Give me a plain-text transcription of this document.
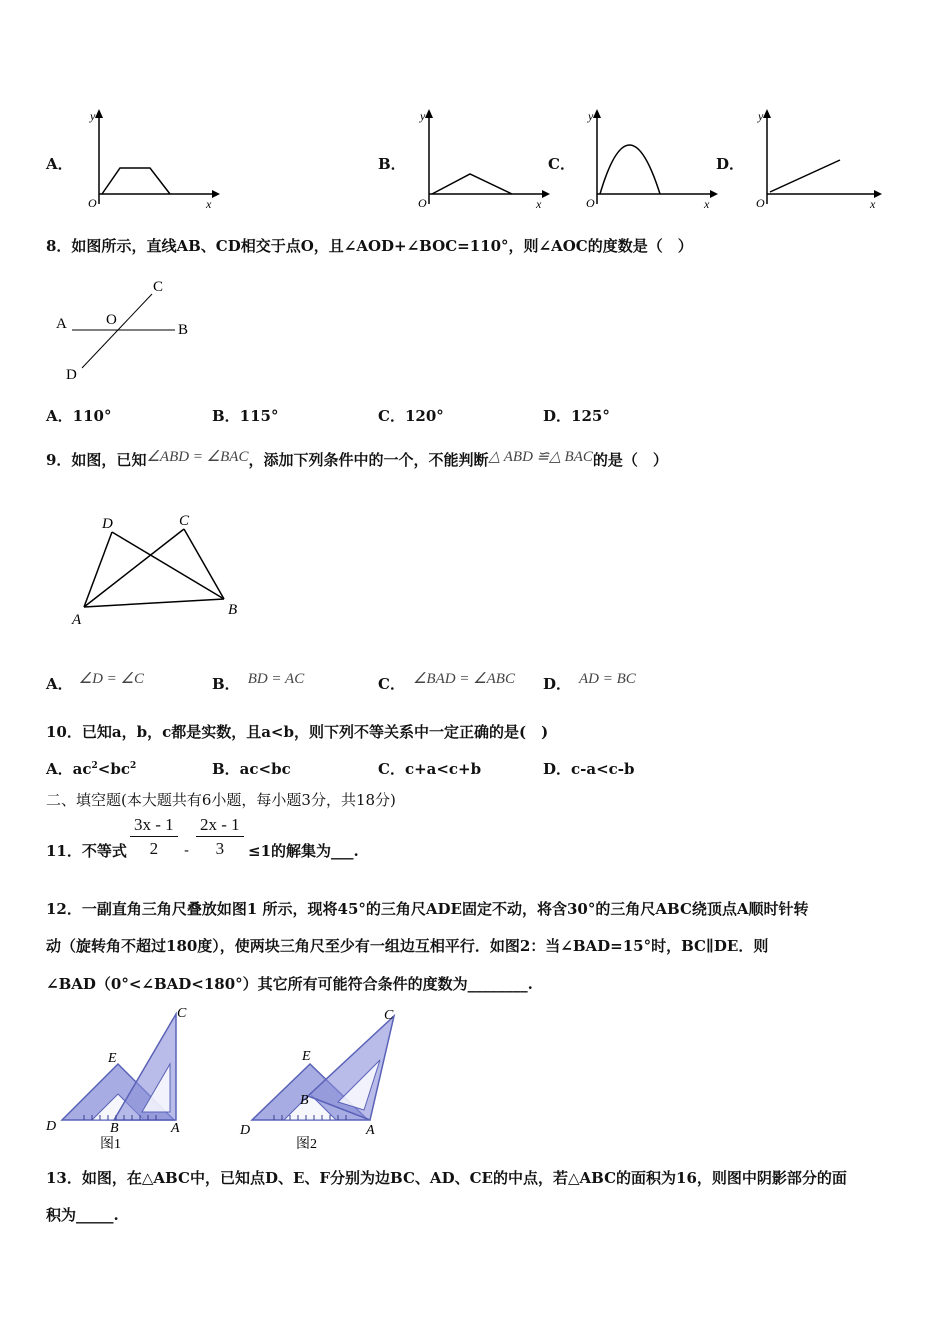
A．
y
x
O
B．
y
x
O
C．
y
x
O
D．
y
x
O
8．如图所示，直线AB、CD相交于点O，且∠AOD+∠BOC=110°，则∠AOC的度数是（　）
A	B
C
D
O
A．110°	B．115°	C．120°	D．125°
9．如图，已知∠ABD = ∠BAC，添加下列条件中的一个，不能判断△ ABD ≌△ BAC的是（　）
D	C
A
B
A． ∠D = ∠C	B． BD = AC	C． ∠BAD = ∠ABC D． AD = BC
10．已知a，b，c都是实数，且a<b，则下列不等关系中一定正确的是(　)
A．$ac^2<bc^2$	B．ac<bc	C．c+a<c+b	D．c-a<c-b
二、填空题(本大题共有6小题，每小题3分，共18分)
11．不等式 $\frac{3x - 1}{2} - \frac{2x - 1}{3} \le 1$的解集为___.
12．一副直角三角尺叠放如图1 所示，现将45°的三角尺ADE固定不动，将含30°的三角尺ABC绕顶点A顺时针转
动（旋转角不超过180度），使两块三角尺至少有一组边互相平行．如图2：当∠BAD=15°时，BC∥DE．则
∠BAD（0°<∠BAD<180°）其它所有可能符合条件的度数为________.
C
E
D	B	A
图1
C
E
D
B
A
图2
13．如图，在△ABC中，已知点D、E、F分别为边BC、AD、CE的中点，若△ABC的面积为16，则图中阴影部分的面
积为_____.
